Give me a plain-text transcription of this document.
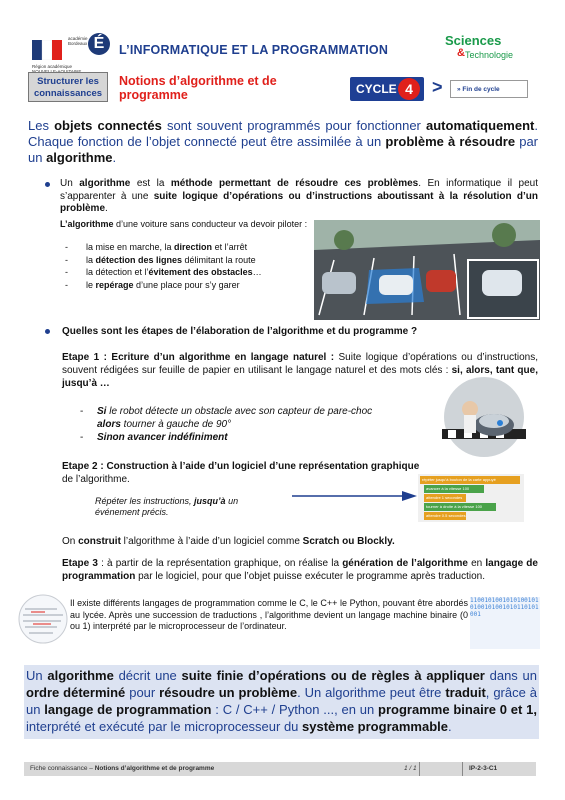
académie
Bordeaux É
Région académique
L’INFORMATIQUE ET LA PROGRAMMATION
Sciences
& Technologie
Structurer les connaissances
Notions d’algorithme et de programme	CYCLE 4	>	» Fin de cycle
Les objets connectés sont souvent programmés pour fonctionner automatiquement. Chaque fonction de l’objet connecté peut être assimilée à un problème à résoudre par un algorithme.
Un algorithme est la méthode permettant de résoudre ces problèmes. En informatique il peut s’apparenter à une suite logique d’opérations ou d’instructions aboutissant à la résolution d’un problème.
L’algorithme d’une voiture sans conducteur va devoir piloter :
- la mise en marche, la direction et l’arrêt
- la détection des lignes délimitant la route
- la détection et l’évitement des obstacles…
- le repérage d’une place pour s’y garer
Quelles sont les étapes de l’élaboration de l’algorithme et du programme ?
Etape 1 : Ecriture d’un algorithme en langage naturel : Suite logique d’opérations ou d’instructions, souvent rédigées sur feuille de papier en utilisant le langage naturel et des mots clés : si, alors, tant que, jusqu’à …
- Si le robot détecte un obstacle avec son capteur de pare-choc alors tourner à gauche de 90°
- Sinon avancer indéfiniment
Etape 2 : Construction à l’aide d’un logiciel d’une représentation graphique de l’algorithme.
Répéter les instructions, jusqu’à un événement précis.
répéter jusqu’à bouton de la carte appuyé
avancer à la vitesse 100
attendre 1 secondes
tourner à droite à la vitesse 100
attendre 0.5 secondes
On construit l’algorithme à l’aide d’un logiciel comme Scratch ou Blockly.
Etape 3 : à partir de la représentation graphique, on réalise la génération de l’algorithme en langage de programmation par le logiciel, pour que l’objet puisse exécuter le programme après traduction.
Il existe différents langages de programmation comme le C, le C++ le Python, pouvant être abordés au lycée. Après une succession de traductions , l’algorithme devient un langage machine binaire (0 ou 1) interprété par le microprocesseur de l’ordinateur.
11001010010101001010100101001010110101001
Un algorithme décrit une suite finie d’opérations ou de règles à appliquer dans un ordre déterminé pour résoudre un problème. Un algorithme peut être traduit, grâce à un langage de programmation : C / C++ / Python ..., en un programme binaire 0 et 1, interprété et exécuté par le microprocesseur du système programmable.
Fiche connaissance – Notions d’algorithme et de programme	1 / 1	IP-2-3-C1
